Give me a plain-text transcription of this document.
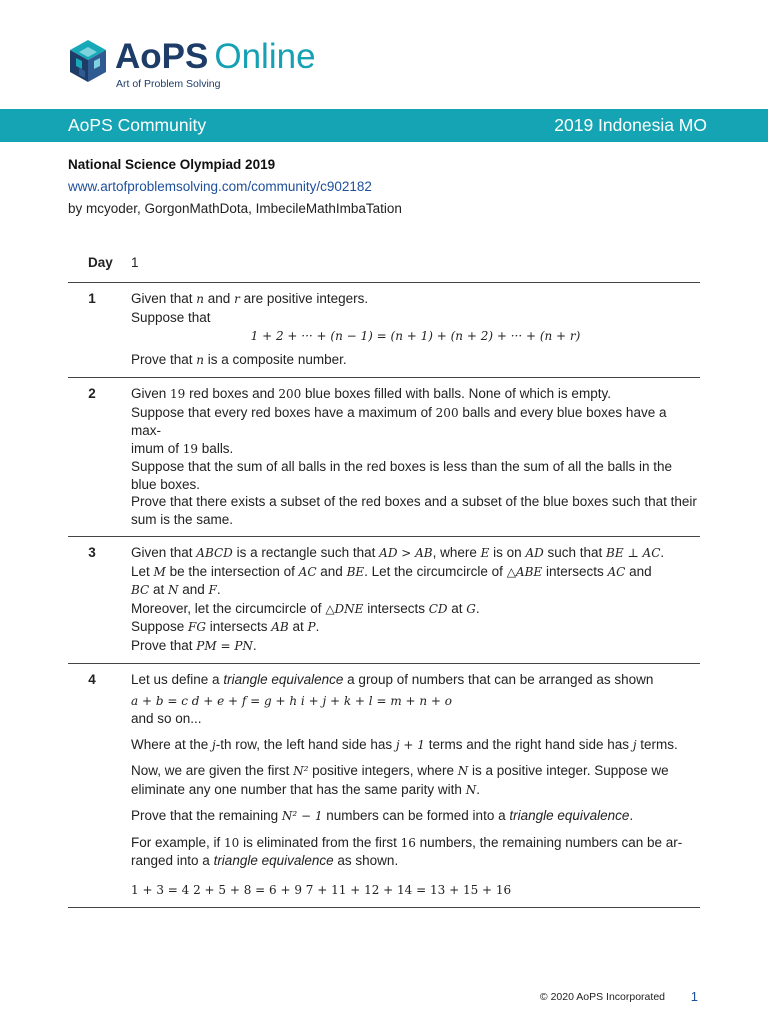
AoPS Online
Art of Problem Solving
AoPS Community	2019 Indonesia MO
National Science Olympiad 2019
www.artofproblemsolving.com/community/c902182
by mcyoder, GorgonMathDota, ImbecileMathImbaTation
Day 1
1	Given that n and r are positive integers.
Suppose that
1 + 2 + ··· + (n − 1) = (n + 1) + (n + 2) + ··· + (n + r)
Prove that n is a composite number.
2	Given 19 red boxes and 200 blue boxes filled with balls. None of which is empty.
Suppose that every red boxes have a maximum of 200 balls and every blue boxes have a max-
imum of 19 balls.
Suppose that the sum of all balls in the red boxes is less than the sum of all the balls in the
blue boxes.
Prove that there exists a subset of the red boxes and a subset of the blue boxes such that their
sum is the same.
3	Given that ABCD is a rectangle such that AD > AB, where E is on AD such that BE ⊥ AC.
Let M be the intersection of AC and BE. Let the circumcircle of △ABE intersects AC and
BC at N and F.
Moreover, let the circumcircle of △DNE intersects CD at G.
Suppose FG intersects AB at P.
Prove that PM = PN.
4	Let us define a triangle equivalence a group of numbers that can be arranged as shown
a + b = c d + e + f = g + h i + j + k + l = m + n + o
and so on...
Where at the j-th row, the left hand side has j + 1 terms and the right hand side has j terms.
Now, we are given the first N² positive integers, where N is a positive integer. Suppose we
eliminate any one number that has the same parity with N.
Prove that the remaining N² − 1 numbers can be formed into a triangle equivalence.
For example, if 10 is eliminated from the first 16 numbers, the remaining numbers can be ar-
ranged into a triangle equivalence as shown.
1 + 3 = 4 2 + 5 + 8 = 6 + 9 7 + 11 + 12 + 14 = 13 + 15 + 16
© 2020 AoPS Incorporated 1
